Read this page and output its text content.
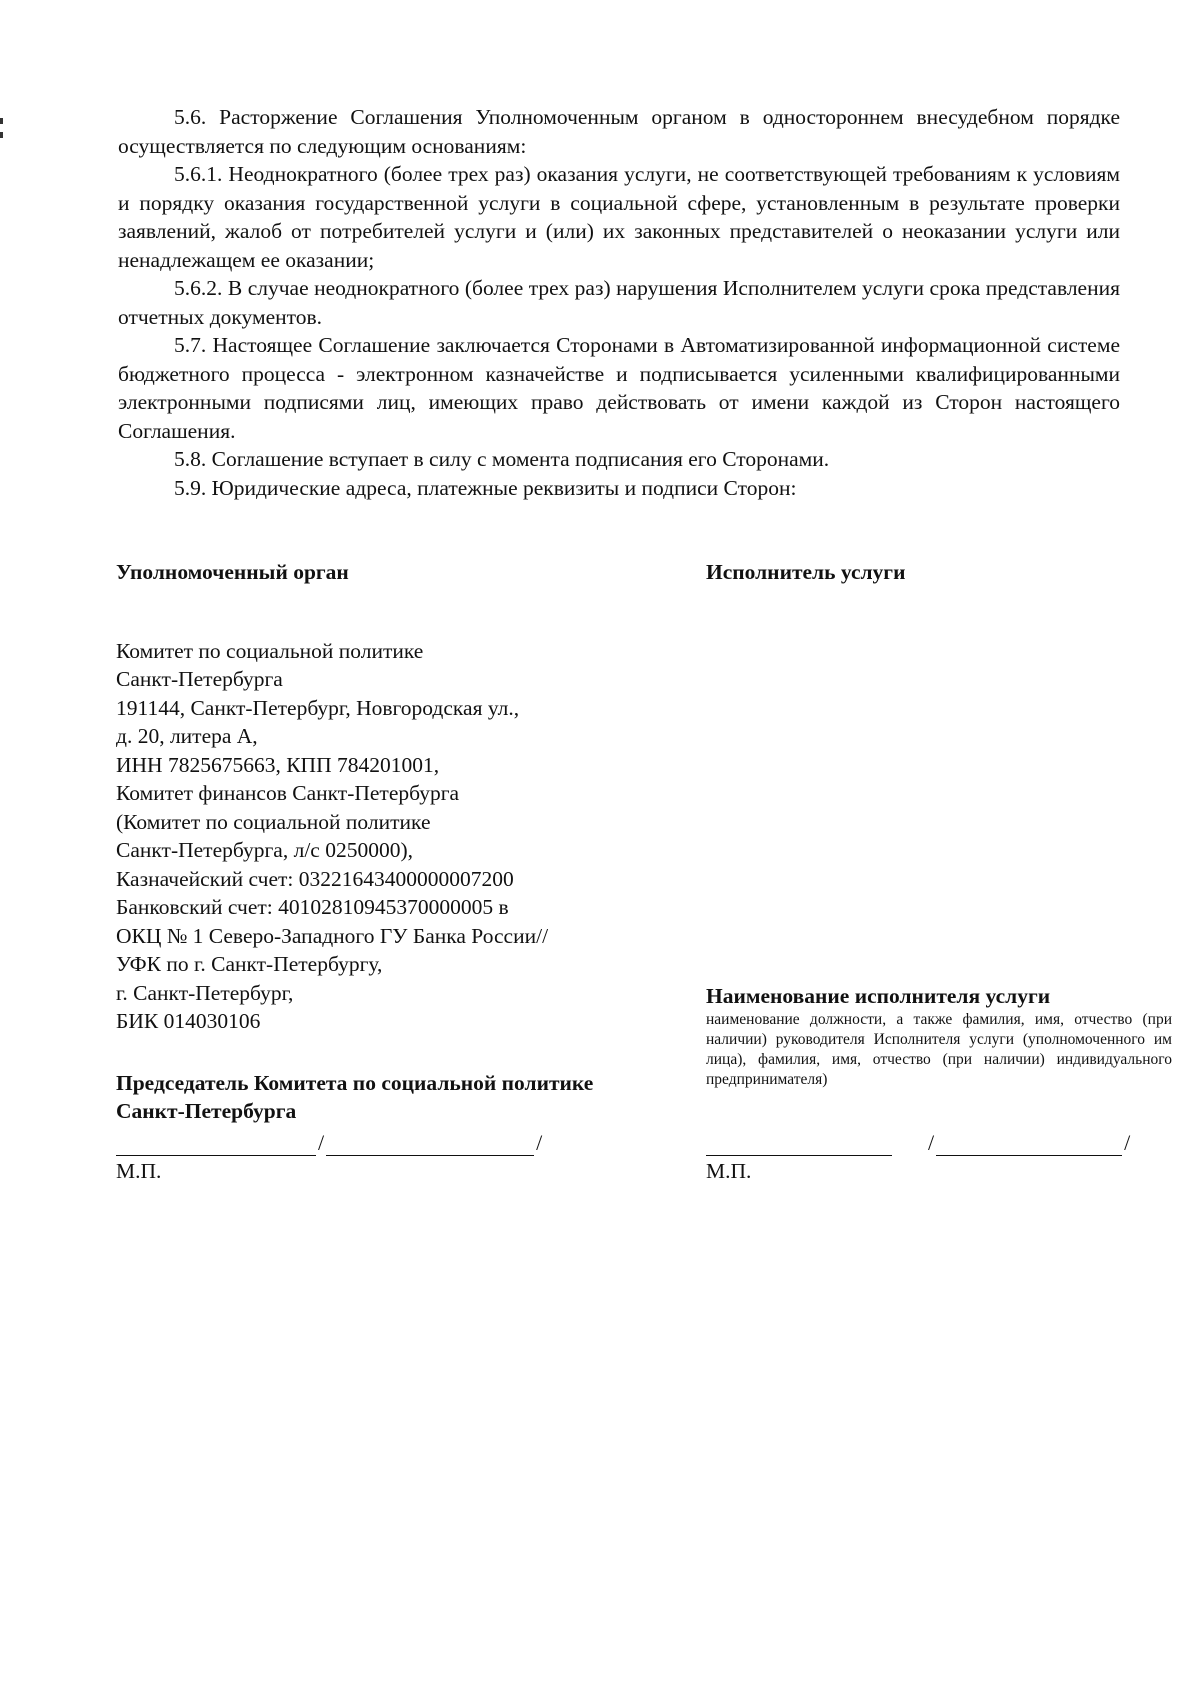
5.6. Расторжение Соглашения Уполномоченным органом в одностороннем внесудебном порядке осуществляется по следующим основаниям:

5.6.1. Неоднократного (более трех раз) оказания услуги, не соответствующей требованиям к условиям и порядку оказания государственной услуги в социальной сфере, установленным в результате проверки заявлений, жалоб от потребителей услуги и (или) их законных представителей о неоказании услуги или ненадлежащем ее оказании;

5.6.2. В случае неоднократного (более трех раз) нарушения Исполнителем услуги срока представления отчетных документов.

5.7. Настоящее Соглашение заключается Сторонами в Автоматизированной информационной системе бюджетного процесса - электронном казначействе и подписывается усиленными квалифицированными электронными подписями лиц, имеющих право действовать от имени каждой из Сторон настоящего Соглашения.

5.8. Соглашение вступает в силу с момента подписания его Сторонами.

5.9. Юридические адреса, платежные реквизиты и подписи Сторон:

Уполномоченный орган

Комитет по социальной политике

Санкт-Петербурга

191144, Санкт-Петербург, Новгородская ул.,

д. 20, литера А,

ИНН 7825675663, КПП 784201001,

Комитет финансов Санкт-Петербурга

(Комитет по социальной политике

Санкт-Петербурга, л/с 0250000),

Казначейский счет: 03221643400000007200

Банковский счет: 40102810945370000005 в

ОКЦ № 1 Северо-Западного ГУ Банка России//

УФК по г. Санкт-Петербургу,

г. Санкт-Петербург,

БИК 014030106

Председатель Комитета по социальной политике Санкт-Петербурга

Исполнитель услуги

Наименование исполнителя услуги

наименование должности, а также фамилия, имя, отчество (при наличии) руководителя Исполнителя услуги (уполномоченного им лица), фамилия, имя, отчество (при наличии) индивидуального предпринимателя)

/	/
М.П.
/	/
М.П.
